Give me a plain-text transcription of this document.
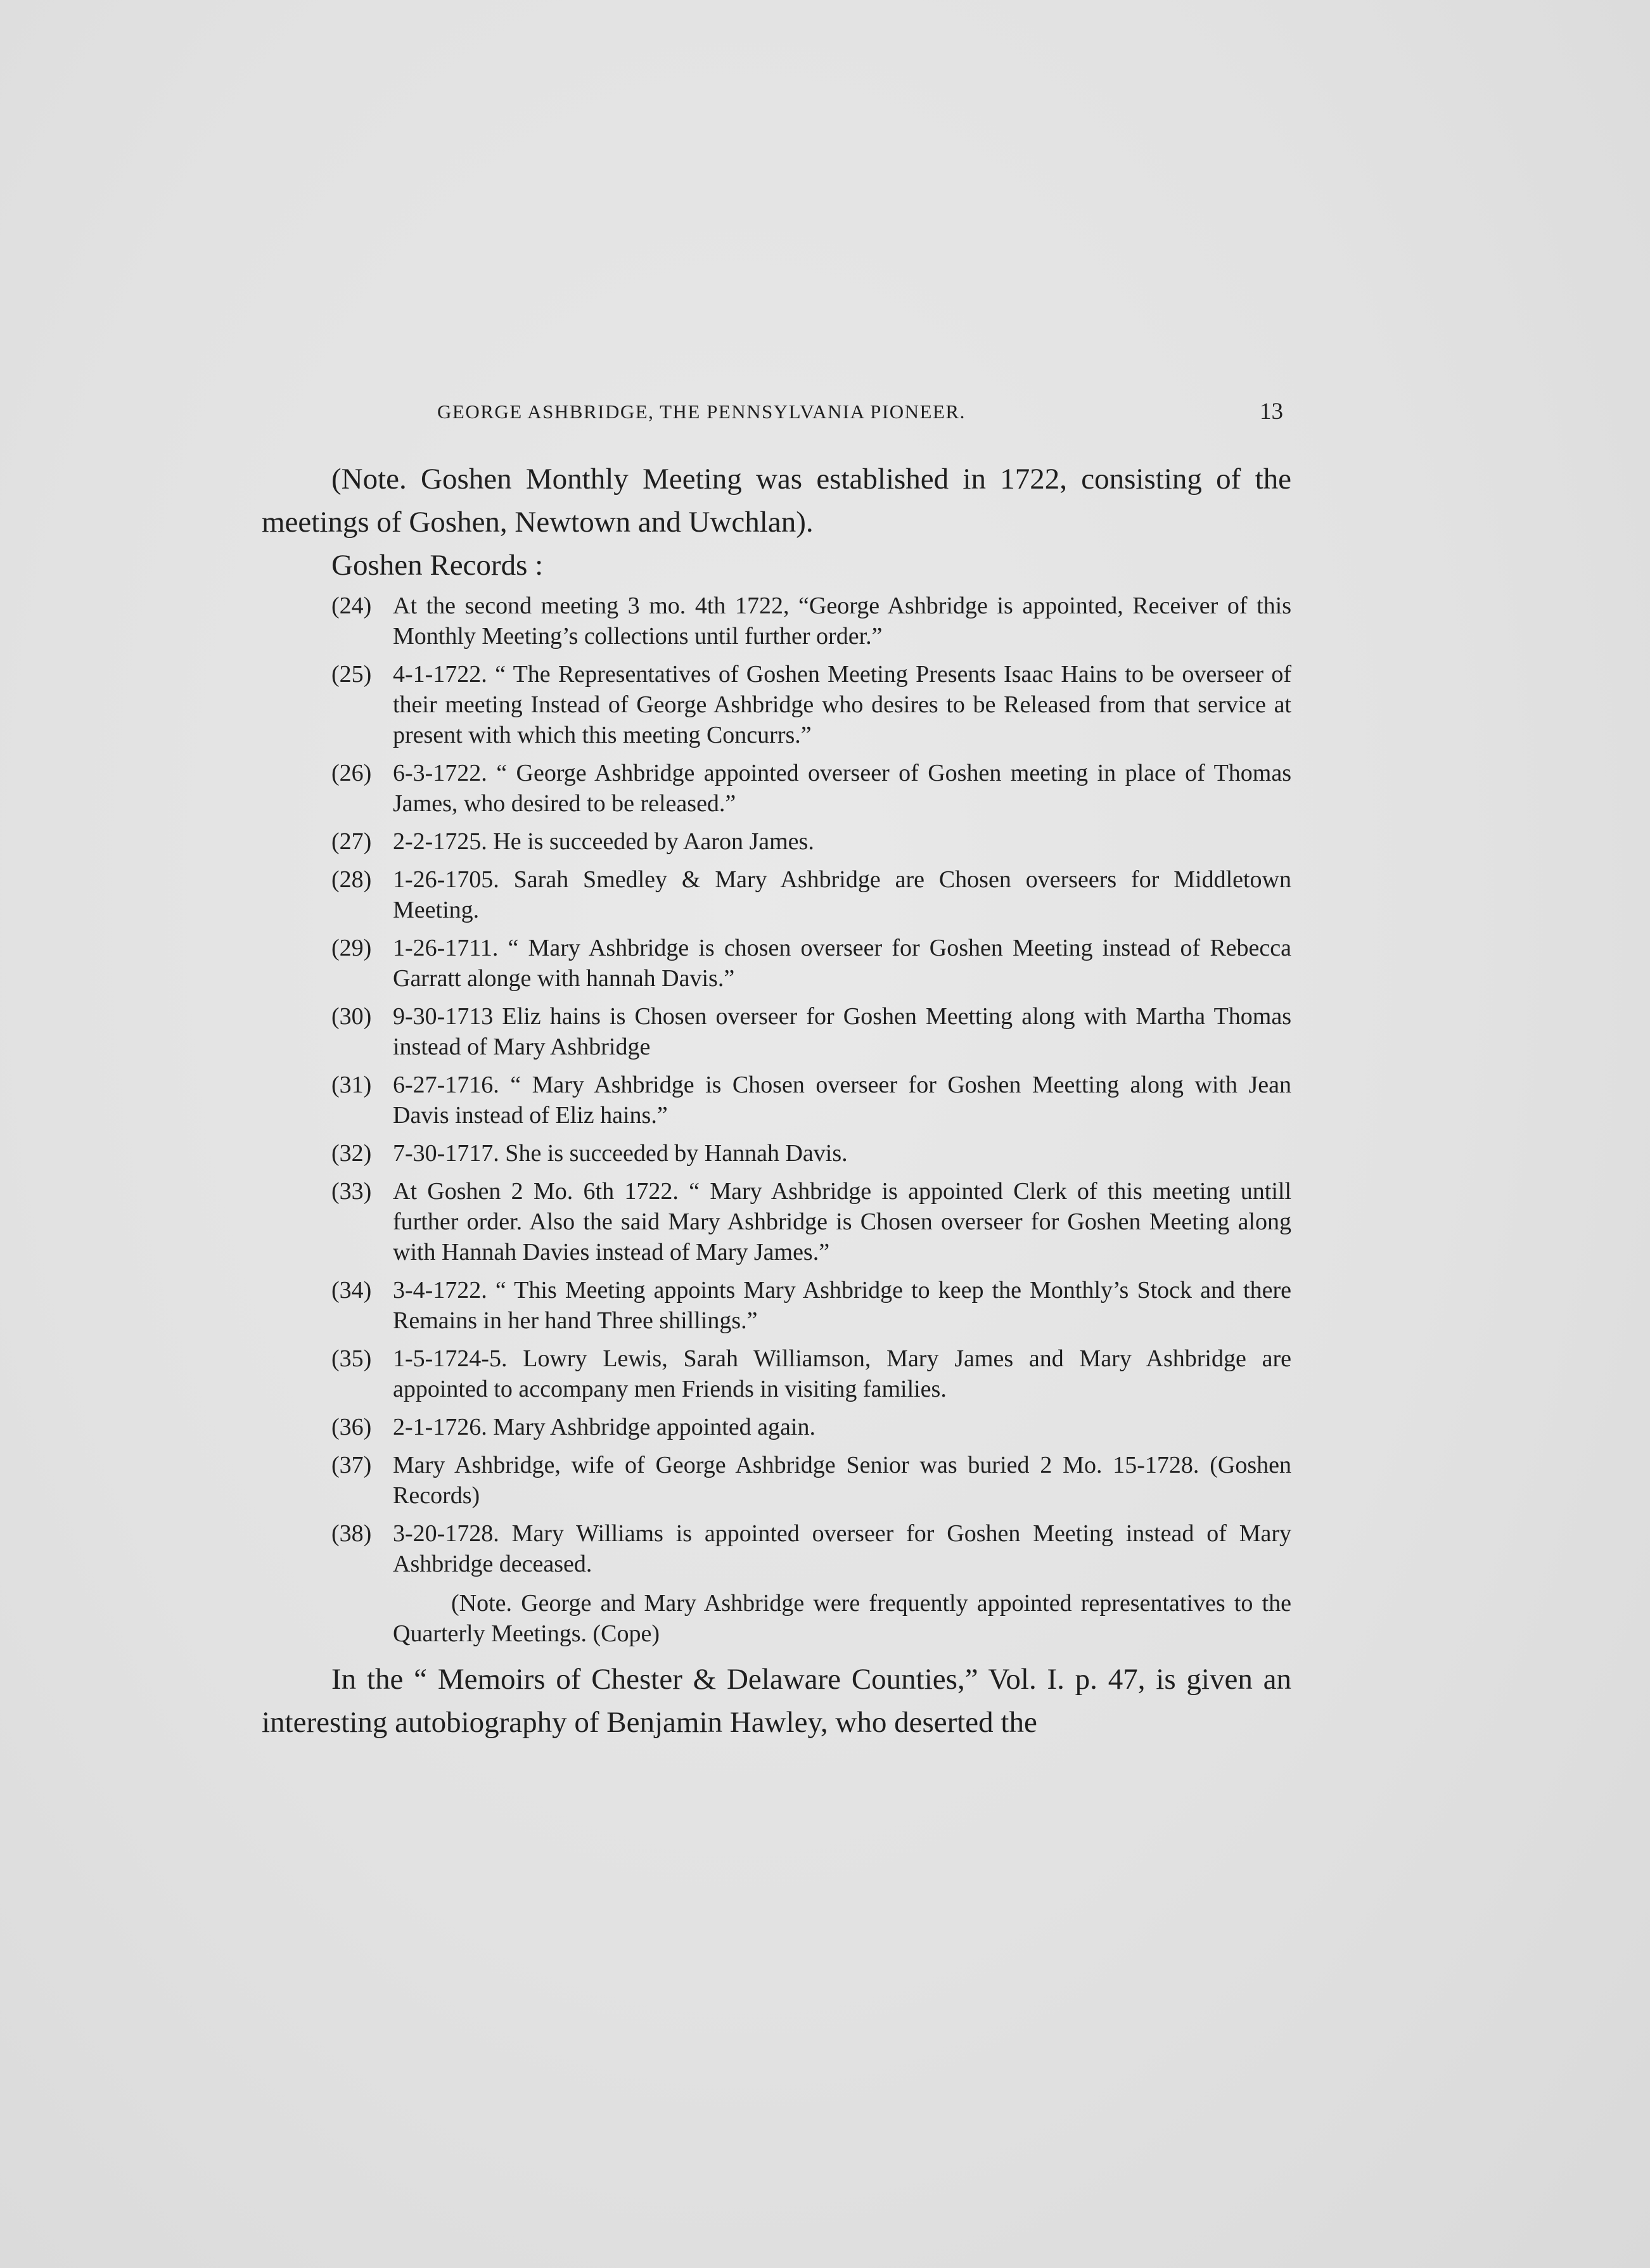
GEORGE ASHBRIDGE, THE PENNSYLVANIA PIONEER.	13

(Note. Goshen Monthly Meeting was established in 1722, consisting of the meetings of Goshen, Newtown and Uwchlan).

Goshen Records :

(24) At the second meeting 3 mo. 4th 1722, “George Ashbridge is appointed, Receiver of this Monthly Meeting’s collections until further order.”
(25) 4-1-1722. “ The Representatives of Goshen Meeting Presents Isaac Hains to be overseer of their meeting Instead of George Ashbridge who desires to be Released from that service at present with which this meeting Concurrs.”
(26) 6-3-1722. “ George Ashbridge appointed overseer of Goshen meeting in place of Thomas James, who desired to be released.”
(27) 2-2-1725. He is succeeded by Aaron James.
(28) 1-26-1705. Sarah Smedley & Mary Ashbridge are Chosen overseers for Middletown Meeting.
(29) 1-26-1711. “ Mary Ashbridge is chosen overseer for Goshen Meeting instead of Rebecca Garratt alonge with hannah Davis.”
(30) 9-30-1713 Eliz hains is Chosen overseer for Goshen Meetting along with Martha Thomas instead of Mary Ashbridge
(31) 6-27-1716. “ Mary Ashbridge is Chosen overseer for Goshen Meetting along with Jean Davis instead of Eliz hains.”
(32) 7-30-1717. She is succeeded by Hannah Davis.
(33) At Goshen 2 Mo. 6th 1722. “ Mary Ashbridge is appointed Clerk of this meeting untill further order. Also the said Mary Ashbridge is Chosen overseer for Goshen Meeting along with Hannah Davies instead of Mary James.”
(34) 3-4-1722. “ This Meeting appoints Mary Ashbridge to keep the Monthly’s Stock and there Remains in her hand Three shillings.”
(35) 1-5-1724-5. Lowry Lewis, Sarah Williamson, Mary James and Mary Ashbridge are appointed to accompany men Friends in visiting families.
(36) 2-1-1726. Mary Ashbridge appointed again.
(37) Mary Ashbridge, wife of George Ashbridge Senior was buried 2 Mo. 15-1728. (Goshen Records)
(38) 3-20-1728. Mary Williams is appointed overseer for Goshen Meeting instead of Mary Ashbridge deceased.

(Note. George and Mary Ashbridge were frequently appointed representatives to the Quarterly Meetings. (Cope)

In the “ Memoirs of Chester & Delaware Counties,” Vol. I. p. 47, is given an interesting autobiography of Benjamin Hawley, who deserted the
